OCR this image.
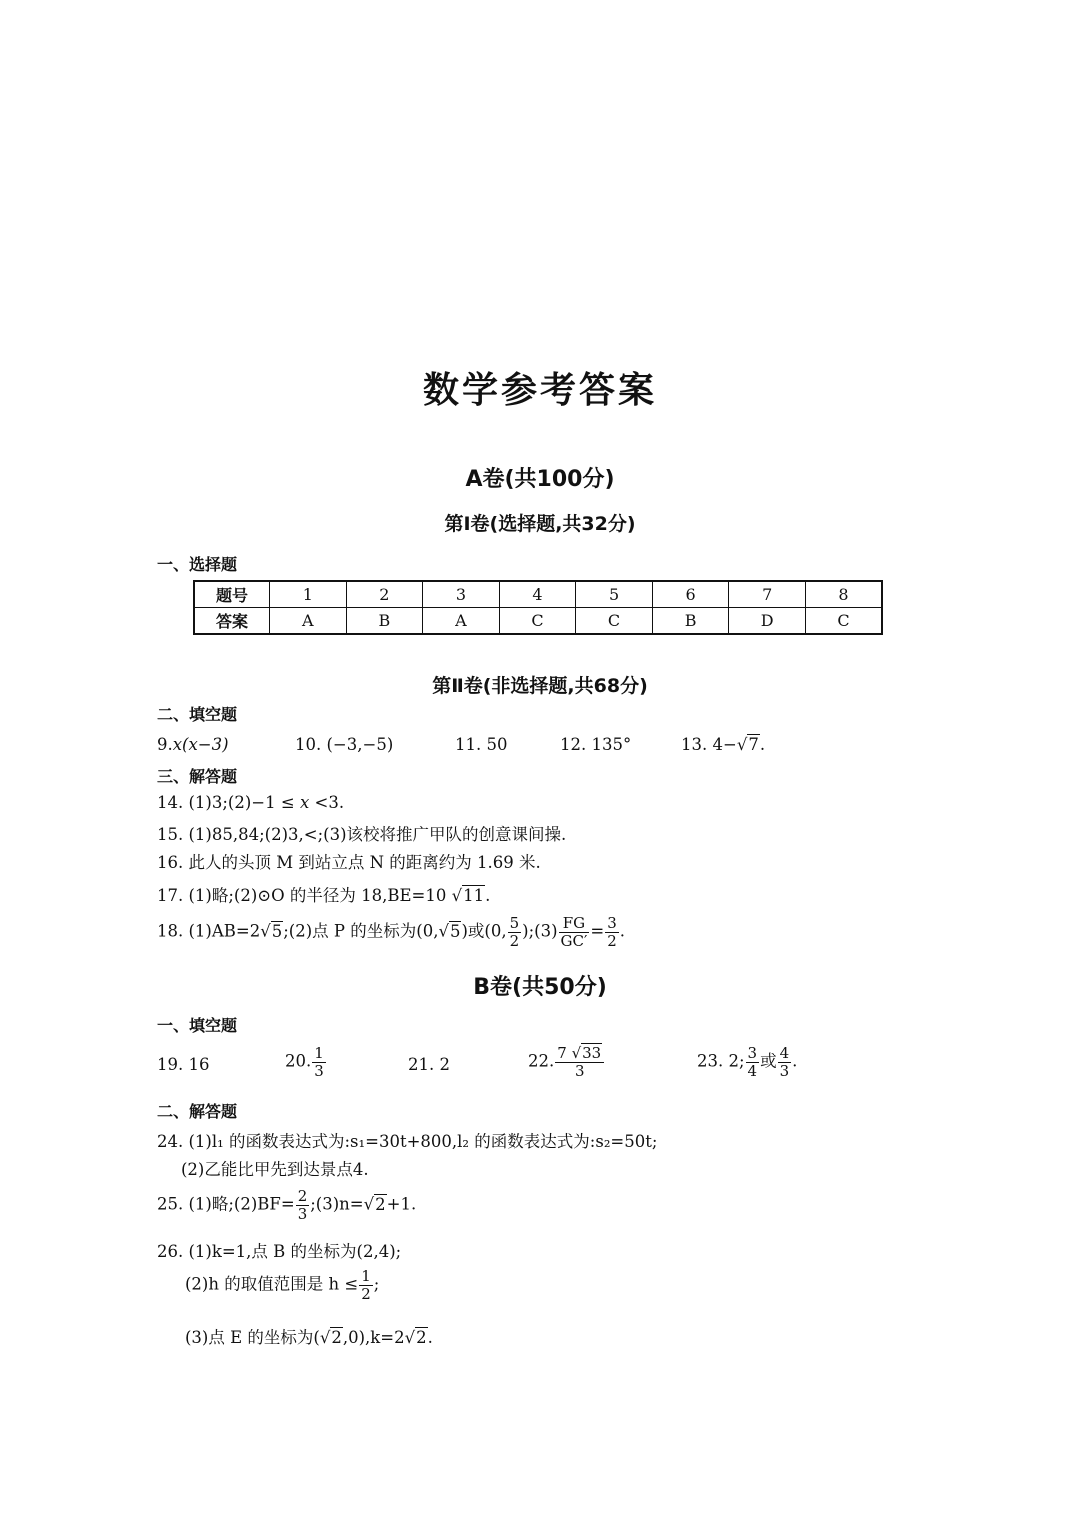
数学参考答案
A卷(共100分)
第Ⅰ卷(选择题,共32分)
一、选择题
题号	1	2	3	4	5	6	7	8
答案	A	B	A	C	C	B	D	C
第Ⅱ卷(非选择题,共68分)
二、填空题
9.x(x−3)	10. (−3,−5)	11. 50	12. 135°	13. 4−√7.
三、解答题
14. (1)3;(2)−1 ≤ x <3.
15. (1)85,84;(2)3,<;(3)该校将推广甲队的创意课间操.
16. 此人的头顶 M 到站立点 N 的距离约为 1.69 米.
17. (1)略;(2)⊙O 的半径为 18,BE=10 √11.
18. (1)AB=2√5;(2)点 P 的坐标为(0,√5)或(0, $\frac{5}{2}$ );(3) $\frac{FG}{GC'} = \frac{3}{2}$ .
B卷(共50分)
一、填空题
19. 16	20. $\frac{1}{3}$	21. 2	22. $\frac{7 √33}{3}$	23. 2; $\frac{3}{4}$ 或 $\frac{4}{3}$ .
二、解答题
24. (1)l₁ 的函数表达式为:s₁=30t+800,l₂ 的函数表达式为:s₂=50t;
(2)乙能比甲先到达景点4.
25. (1)略;(2)BF= $\frac{2}{3}$ ;(3)n=√2+1.
26. (1)k=1,点 B 的坐标为(2,4);
(2)h 的取值范围是 $h \le \frac{1}{2}$ ;
(3)点 E 的坐标为(√2,0),k=2√2.
